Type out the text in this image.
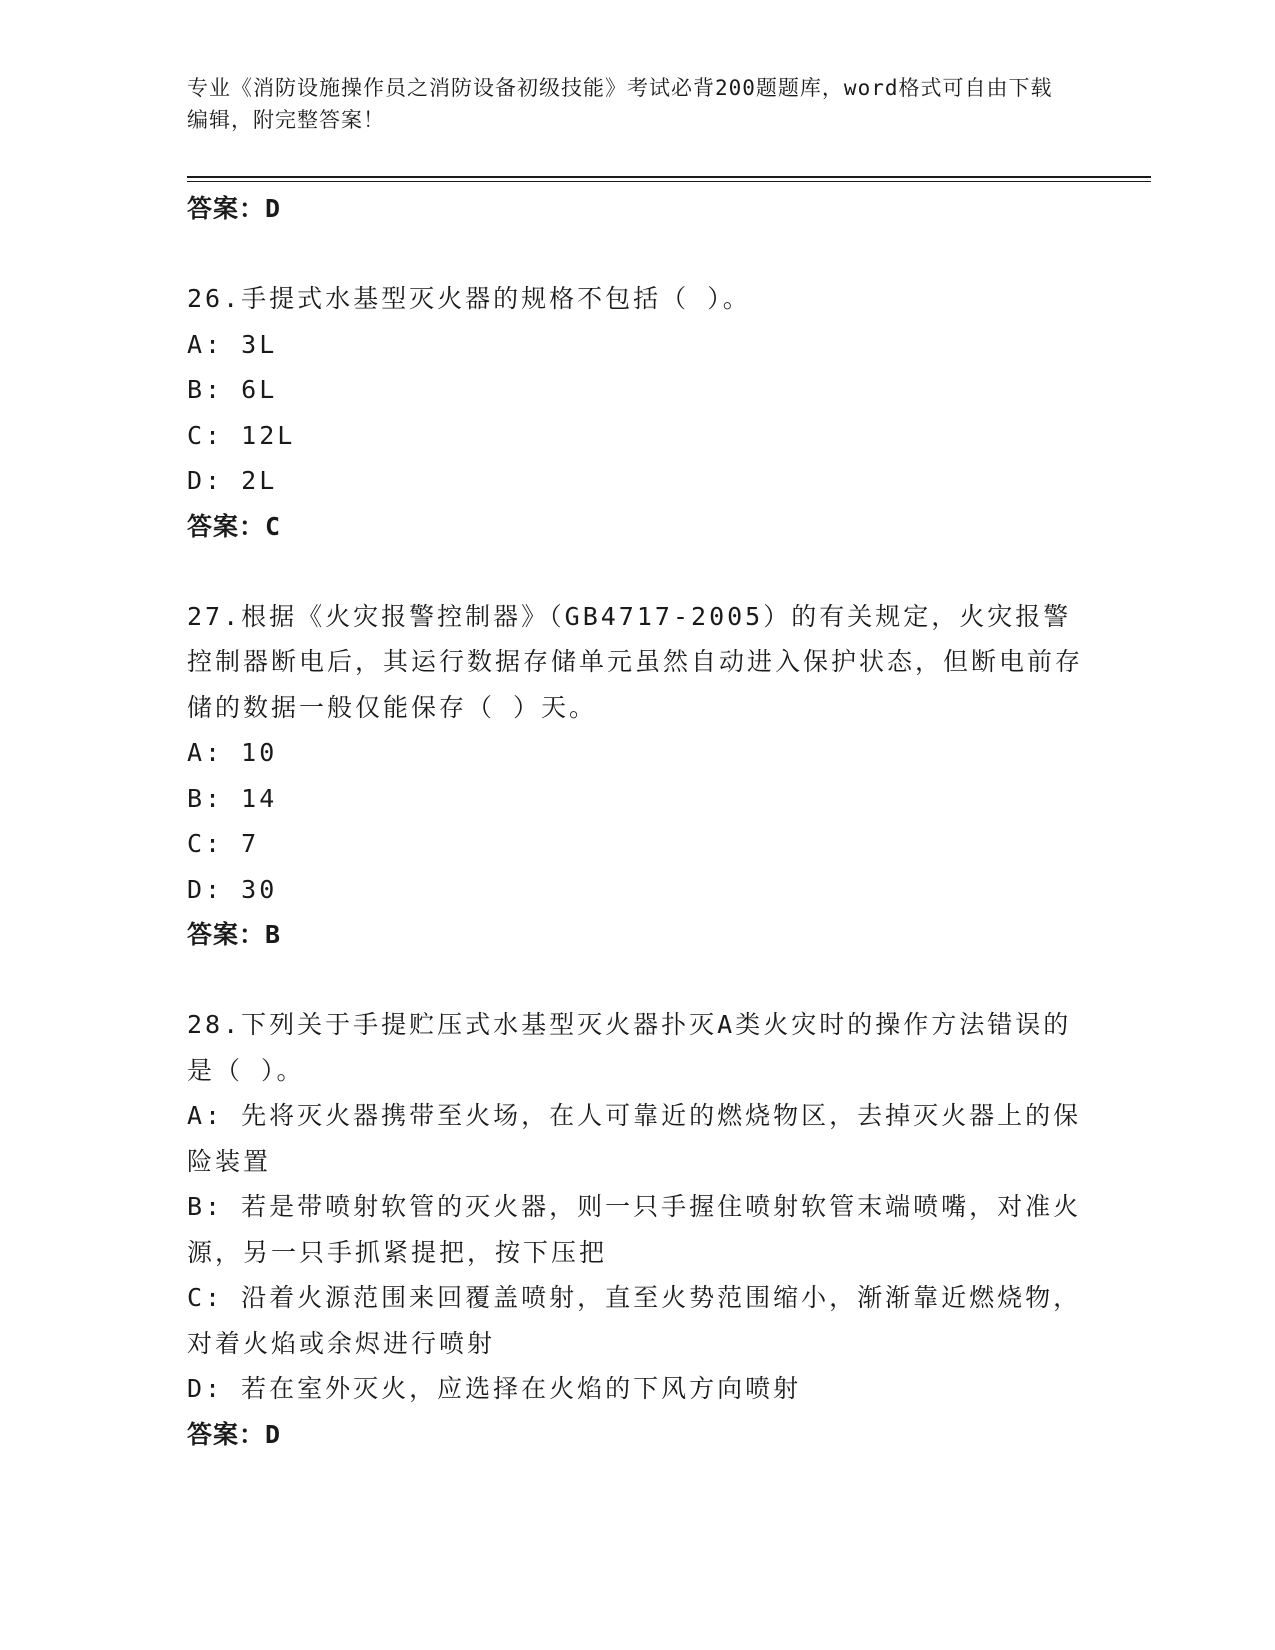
专业《消防设施操作员之消防设备初级技能》考试必背200题题库，word格式可自由下载编辑，附完整答案！

答案：D

26.手提式水基型灭火器的规格不包括（ ）。

A: 3L

B: 6L

C: 12L

D: 2L

答案：C

27.根据《火灾报警控制器》（GB4717-2005）的有关规定，火灾报警控制器断电后，其运行数据存储单元虽然自动进入保护状态，但断电前存储的数据一般仅能保存（ ）天。

A: 10

B: 14

C: 7

D: 30

答案：B

28.下列关于手提贮压式水基型灭火器扑灭A类火灾时的操作方法错误的是（ ）。

A: 先将灭火器携带至火场，在人可靠近的燃烧物区，去掉灭火器上的保险装置

B: 若是带喷射软管的灭火器，则一只手握住喷射软管末端喷嘴，对准火源，另一只手抓紧提把，按下压把

C: 沿着火源范围来回覆盖喷射，直至火势范围缩小，渐渐靠近燃烧物，对着火焰或余烬进行喷射

D: 若在室外灭火，应选择在火焰的下风方向喷射

答案：D
